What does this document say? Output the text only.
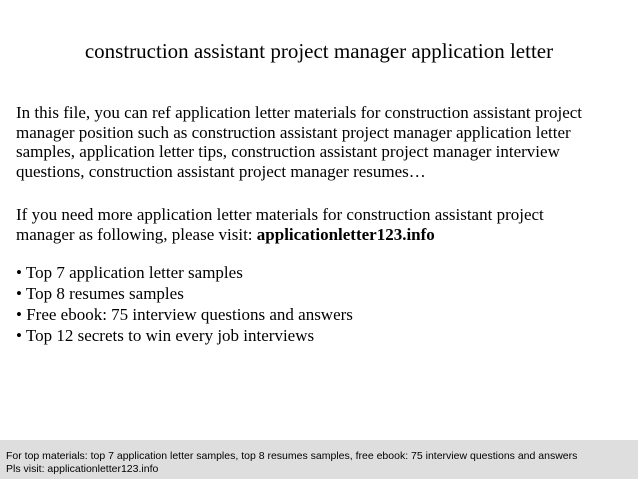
construction assistant project manager application letter
In this file, you can ref application letter materials for construction assistant project
manager position such as construction assistant project manager application letter
samples, application letter tips, construction assistant project manager interview
questions, construction assistant project manager resumes…
If you need more application letter materials for construction assistant project
manager as following, please visit: applicationletter123.info
• Top 7 application letter samples
• Top 8 resumes samples
• Free ebook: 75 interview questions and answers
• Top 12 secrets to win every job interviews
For top materials: top 7 application letter samples, top 8 resumes samples, free ebook: 75 interview questions and answers
Pls visit: applicationletter123.info
